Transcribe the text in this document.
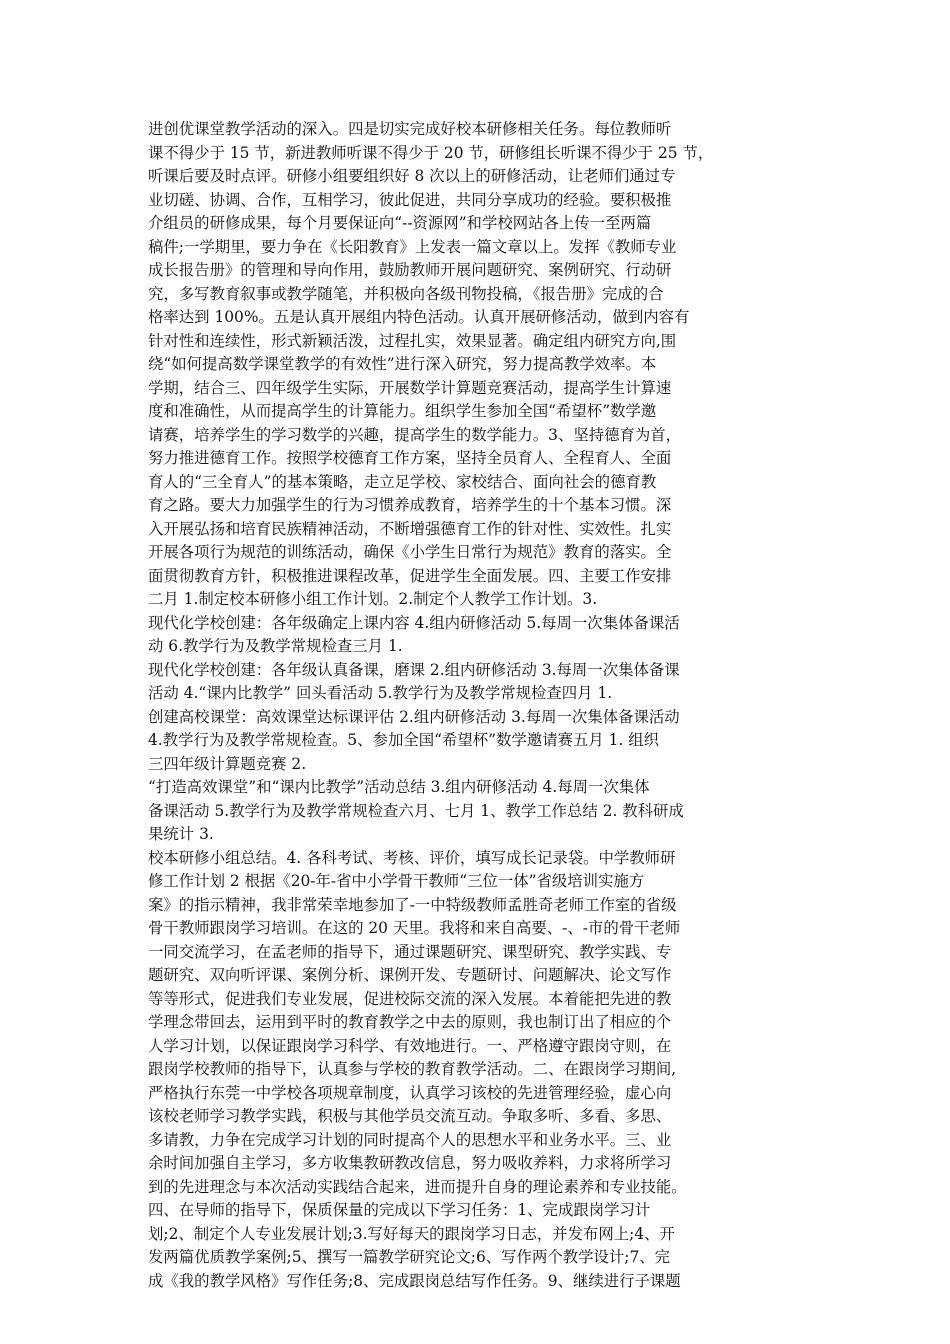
进创优课堂教学活动的深入。四是切实完成好校本研修相关任务。每位教师听
课不得少于 15 节，新进教师听课不得少于 20 节，研修组长听课不得少于 25 节，
听课后要及时点评。研修小组要组织好 8 次以上的研修活动，让老师们通过专
业切磋、协调、合作，互相学习，彼此促进，共同分享成功的经验。要积极推
介组员的研修成果，每个月要保证向“--资源网”和学校网站各上传一至两篇
稿件;一学期里，要力争在《长阳教育》上发表一篇文章以上。发挥《教师专业
成长报告册》的管理和导向作用，鼓励教师开展问题研究、案例研究、行动研
究，多写教育叙事或教学随笔，并积极向各级刊物投稿，《报告册》完成的合
格率达到 100%。五是认真开展组内特色活动。认真开展研修活动，做到内容有
针对性和连续性，形式新颖活泼，过程扎实，效果显著。确定组内研究方向,围
绕“如何提高数学课堂教学的有效性”进行深入研究，努力提高教学效率。本
学期，结合三、四年级学生实际，开展数学计算题竞赛活动，提高学生计算速
度和准确性，从而提高学生的计算能力。组织学生参加全国“希望杯”数学邀
请赛，培养学生的学习数学的兴趣，提高学生的数学能力。3、坚持德育为首，
努力推进德育工作。按照学校德育工作方案，坚持全员育人、全程育人、全面
育人的“三全育人”的基本策略，走立足学校、家校结合、面向社会的德育教
育之路。要大力加强学生的行为习惯养成教育，培养学生的十个基本习惯。深
入开展弘扬和培育民族精神活动，不断增强德育工作的针对性、实效性。扎实
开展各项行为规范的训练活动，确保《小学生日常行为规范》教育的落实。全
面贯彻教育方针，积极推进课程改革，促进学生全面发展。四、主要工作安排
二月 1.制定校本研修小组工作计划。2.制定个人教学工作计划。3.
现代化学校创建：各年级确定上课内容 4.组内研修活动 5.每周一次集体备课活
动 6.教学行为及教学常规检查三月 1.
现代化学校创建：各年级认真备课，磨课 2.组内研修活动 3.每周一次集体备课
活动 4.“课内比教学” 回头看活动 5.教学行为及教学常规检查四月 1.
创建高校课堂：高效课堂达标课评估 2.组内研修活动 3.每周一次集体备课活动
4.教学行为及教学常规检查。5、参加全国“希望杯”数学邀请赛五月 1. 组织
三四年级计算题竞赛 2.
“打造高效课堂”和“课内比教学”活动总结 3.组内研修活动 4.每周一次集体
备课活动 5.教学行为及教学常规检查六月、七月 1、教学工作总结 2. 教科研成
果统计 3.
校本研修小组总结。4. 各科考试、考核、评价，填写成长记录袋。中学教师研
修工作计划 2 根据《20-年-省中小学骨干教师“三位一体”省级培训实施方
案》的指示精神，我非常荣幸地参加了-一中特级教师孟胜奇老师工作室的省级
骨干教师跟岗学习培训。在这的 20 天里。我将和来自高要、-、-市的骨干老师
一同交流学习，在孟老师的指导下，通过课题研究、课型研究、教学实践、专
题研究、双向听评课、案例分析、课例开发、专题研讨、问题解决、论文写作
等等形式，促进我们专业发展，促进校际交流的深入发展。本着能把先进的教
学理念带回去，运用到平时的教育教学之中去的原则，我也制订出了相应的个
人学习计划，以保证跟岗学习科学、有效地进行。一、严格遵守跟岗守则，在
跟岗学校教师的指导下，认真参与学校的教育教学活动。二、在跟岗学习期间,
严格执行东莞一中学校各项规章制度，认真学习该校的先进管理经验，虚心向
该校老师学习教学实践，积极与其他学员交流互动。争取多听、多看、多思、
多请教，力争在完成学习计划的同时提高个人的思想水平和业务水平。三、业
余时间加强自主学习，多方收集教研教改信息，努力吸收养料，力求将所学习
到的先进理念与本次活动实践结合起来，进而提升自身的理论素养和专业技能。
四、在导师的指导下，保质保量的完成以下学习任务：1、完成跟岗学习计
划;2、制定个人专业发展计划;3.写好每天的跟岗学习日志，并发布网上;4、开
发两篇优质教学案例;5、撰写一篇教学研究论文;6、写作两个教学设计;7、完
成《我的教学风格》写作任务;8、完成跟岗总结写作任务。9、继续进行子课题
